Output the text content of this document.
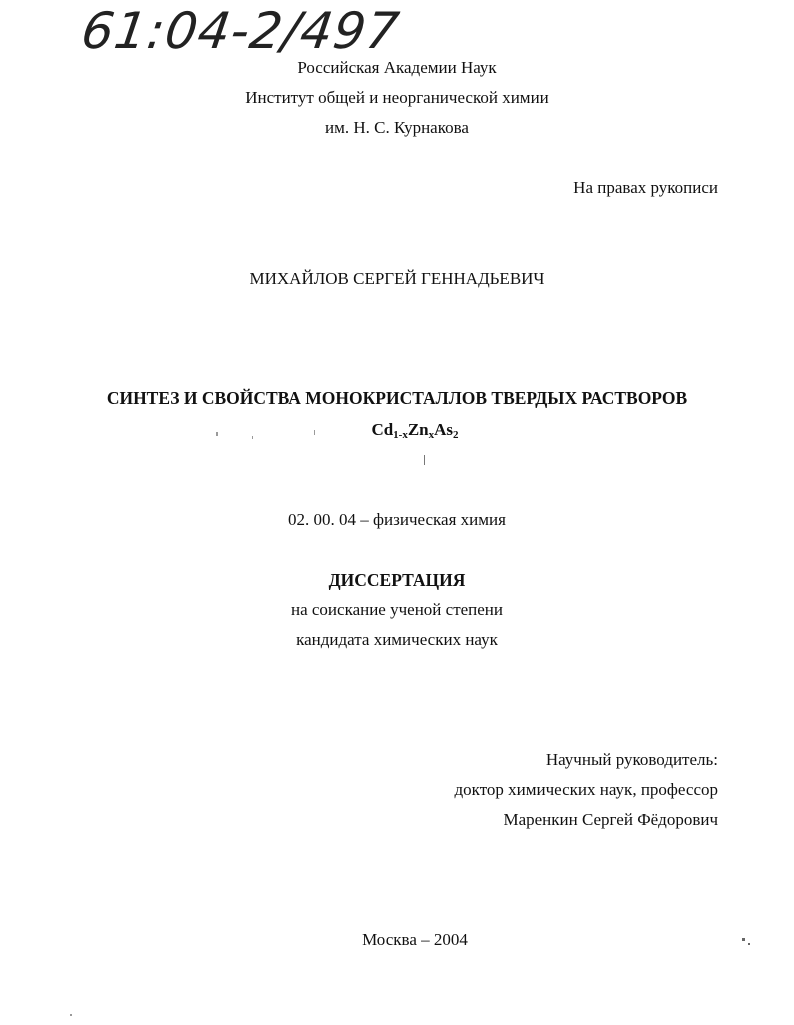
61:04-2/497
Российская Академии Наук
Институт общей и неорганической химии
им. Н. С. Курнакова
На правах рукописи
МИХАЙЛОВ СЕРГЕЙ ГЕННАДЬЕВИЧ
СИНТЕЗ И СВОЙСТВА МОНОКРИСТАЛЛОВ ТВЕРДЫХ РАСТВОРОВ
$Cd_{1-x}Zn_xAs_2$
02. 00. 04 – физическая химия
ДИССЕРТАЦИЯ
на соискание ученой степени
кандидата химических наук
Научный руководитель:
доктор химических наук, профессор
Маренкин Сергей Фёдорович
Москва – 2004
